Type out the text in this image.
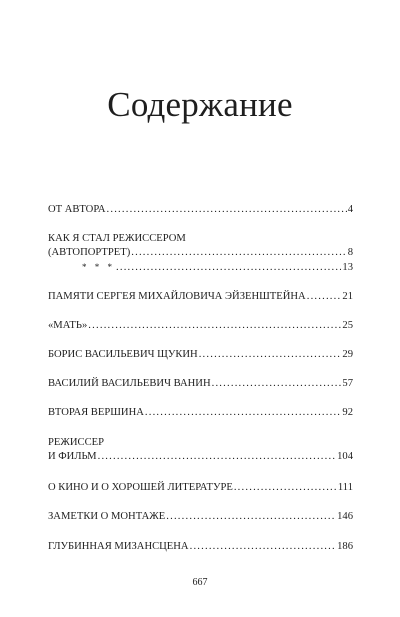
Содержание
ОТ АВТОРА .....	4
КАК Я СТАЛ РЕЖИССЕРОМ
(АВТОПОРТРЕТ) .....	8
* * * .....	13
ПАМЯТИ СЕРГЕЯ МИХАЙЛОВИЧА ЭЙЗЕНШТЕЙНА .....	21
«МАТЬ» .....	25
БОРИС ВАСИЛЬЕВИЧ ЩУКИН .....	29
ВАСИЛИЙ ВАСИЛЬЕВИЧ ВАНИН .....	57
ВТОРАЯ ВЕРШИНА .....	92
РЕЖИССЕР
И ФИЛЬМ .....	104
О КИНО И О ХОРОШЕЙ ЛИТЕРАТУРЕ .....	111
ЗАМЕТКИ О МОНТАЖЕ .....	146
ГЛУБИННАЯ МИЗАНСЦЕНА .....	186
667
